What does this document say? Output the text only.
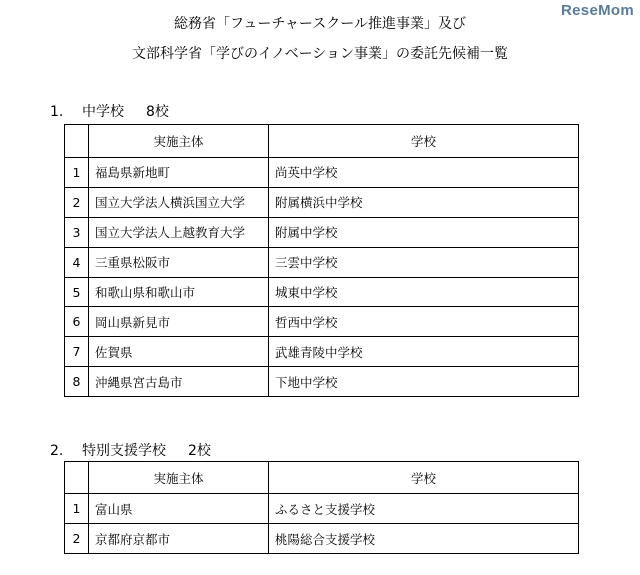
ReseMom
総務省「フューチャースクール推進事業」及び
文部科学省「学びのイノベーション事業」の委託先候補一覧
1. 中学校 8校
	実施主体	学校
1	福島県新地町	尚英中学校
2	国立大学法人横浜国立大学	附属横浜中学校
3	国立大学法人上越教育大学	附属中学校
4	三重県松阪市	三雲中学校
5	和歌山県和歌山市	城東中学校
6	岡山県新見市	哲西中学校
7	佐賀県	武雄青陵中学校
8	沖縄県宮古島市	下地中学校
2. 特別支援学校 2校
	実施主体	学校
1	富山県	ふるさと支援学校
2	京都府京都市	桃陽総合支援学校
